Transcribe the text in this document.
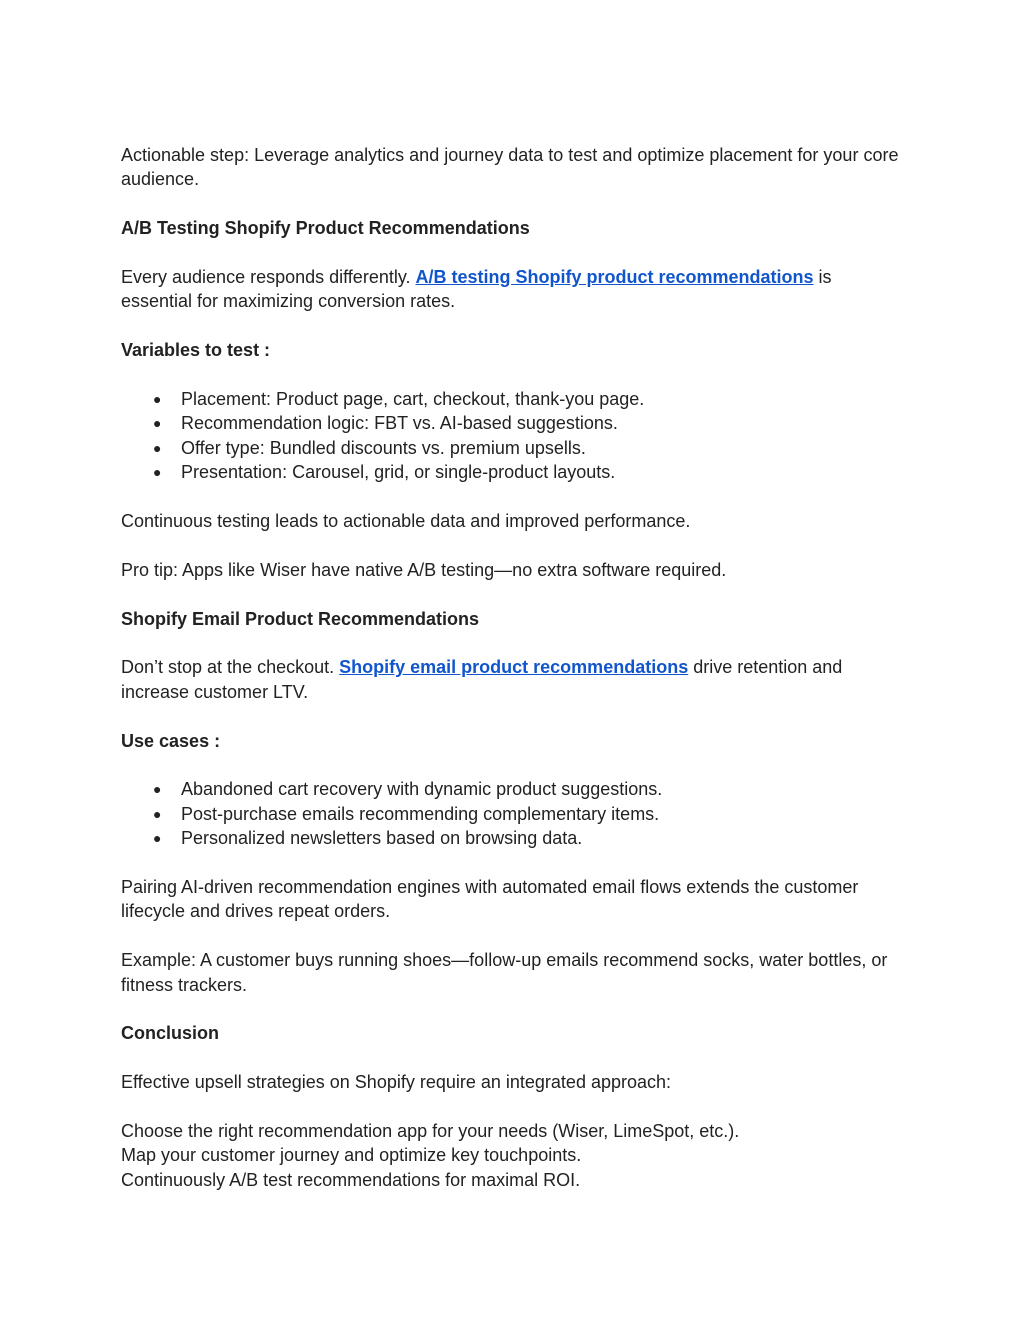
Actionable step: Leverage analytics and journey data to test and optimize placement for your core audience.

A/B Testing Shopify Product Recommendations

Every audience responds differently. A/B testing Shopify product recommendations is essential for maximizing conversion rates.

Variables to test :

● Placement: Product page, cart, checkout, thank-you page.
● Recommendation logic: FBT vs. AI-based suggestions.
● Offer type: Bundled discounts vs. premium upsells.
● Presentation: Carousel, grid, or single-product layouts.

Continuous testing leads to actionable data and improved performance.

Pro tip: Apps like Wiser have native A/B testing—no extra software required.

Shopify Email Product Recommendations

Don’t stop at the checkout. Shopify email product recommendations drive retention and increase customer LTV.

Use cases :

● Abandoned cart recovery with dynamic product suggestions.
● Post-purchase emails recommending complementary items.
● Personalized newsletters based on browsing data.

Pairing AI-driven recommendation engines with automated email flows extends the customer lifecycle and drives repeat orders.

Example: A customer buys running shoes—follow-up emails recommend socks, water bottles, or fitness trackers.

Conclusion

Effective upsell strategies on Shopify require an integrated approach:

Choose the right recommendation app for your needs (Wiser, LimeSpot, etc.).
Map your customer journey and optimize key touchpoints.
Continuously A/B test recommendations for maximal ROI.
